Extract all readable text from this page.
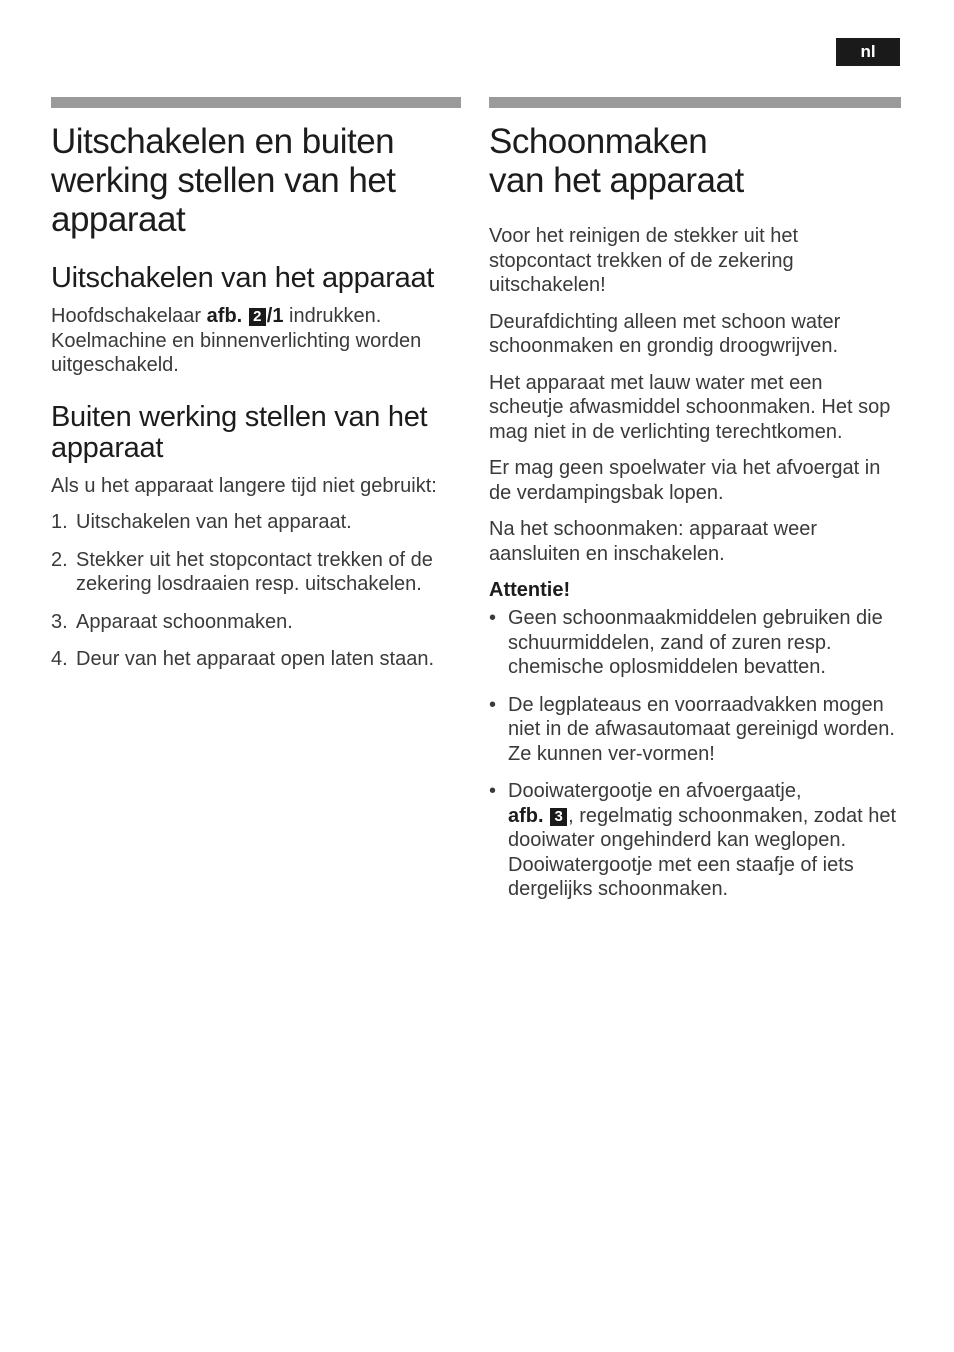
nl
Uitschakelen en buiten werking stellen van het apparaat
Uitschakelen van het apparaat

Hoofdschakelaar afb. 2 /1 indrukken. Koelmachine en binnenverlichting worden uitgeschakeld.

Buiten werking stellen van het apparaat

Als u het apparaat langere tijd niet gebruikt:

1. Uitschakelen van het apparaat.
2. Stekker uit het stopcontact trekken of de zekering losdraaien resp. uitschakelen.
3. Apparaat schoonmaken.
4. Deur van het apparaat open laten staan.
Schoonmaken
van het apparaat

Voor het reinigen de stekker uit het stopcontact trekken of de zekering uitschakelen!

Deurafdichting alleen met schoon water schoonmaken en grondig droogwrijven.

Het apparaat met lauw water met een scheutje afwasmiddel schoonmaken. Het sop mag niet in de verlichting terechtkomen.

Er mag geen spoelwater via het afvoergat in de verdampingsbak lopen.

Na het schoonmaken: apparaat weer aansluiten en inschakelen.

Attentie!
• Geen schoonmaakmiddelen gebruiken die schuurmiddelen, zand of zuren resp. chemische oplosmiddelen bevatten.
• De legplateaus en voorraadvakken mogen niet in de afwasautomaat gereinigd worden. Ze kunnen ver-vormen!
• Dooiwatergootje en afvoergaatje,
afb. 3 , regelmatig schoonmaken, zodat het dooiwater ongehinderd kan weglopen. Dooiwatergootje met een staafje of iets dergelijks schoonmaken.
